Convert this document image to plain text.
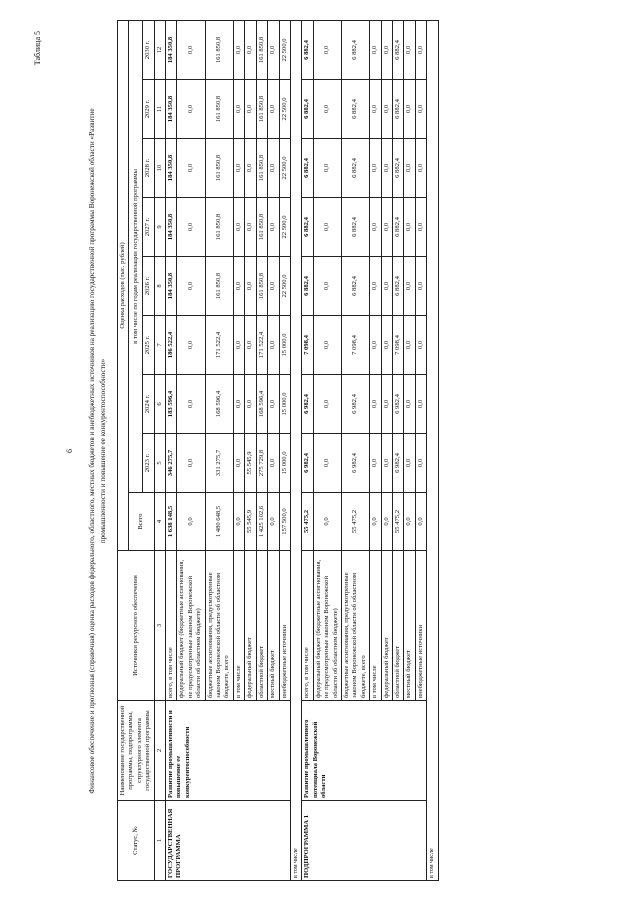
Таблица 5
6 Финансовое обеспечение и прогнозная (справочная) оценка расходов федерального, областного, местных бюджетов и внебюджетных источников на реализацию государственной программы Воронежской области «Развитие промышленности и повышение ее конкурентоспособности»
Статус, №	Наименование государственной программы, подпрограммы, структурного элемента государственной программы	Источники ресурсного обеспечения	Оценка расходов (тыс. рублей)								
			Всего	в том числе по годам реализации государственной программы							
				2023 г.	2024 г.	2025 г.	2026 г.	2027 г.	2028 г.	2029 г.	2030 г.
1	2	3	4	5	6	7	8	9	10	11	12
ГОСУДАРСТВЕННАЯ ПРОГРАММА	Развитие промышленности и повышение ее конкурентоспособности	всего, в том числе	1 638 148,5	346 275,7	183 596,4	186 522,4	184 350,8	184 350,8	184 350,8	184 350,8	184 350,8
		федеральный бюджет (бюджетные ассигнования, не предусмотренные законом Воронежской области об областном бюджете)	0,0	0,0	0,0	0,0	0,0	0,0	0,0	0,0	0,0
		бюджетные ассигнования, предусмотренные законом Воронежской области об областном бюджете, всего	1 480 648,5	331 275,7	168 596,4	171 522,4	161 850,8	161 850,8	161 850,8	161 850,8	161 850,8
		в том числе	0,0	0,0	0,0	0,0	0,0	0,0	0,0	0,0	0,0
		федеральный бюджет	55 545,9	55 545,9	0,0	0,0	0,0	0,0	0,0	0,0	0,0
		областной бюджет	1 425 102,6	275 729,8	168 596,4	171 522,4	161 850,8	161 850,8	161 850,8	161 850,8	161 850,8
		местный бюджет	0,0	0,0	0,0	0,0	0,0	0,0	0,0	0,0	0,0
		внебюджетные источники	157 500,0	15 000,0	15 000,0	15 000,0	22 500,0	22 500,0	22 500,0	22 500,0	22 500,0
в том числе											
ПОДПРОГРАММА 1	Развитие промышленного потенциала Воронежской области	всего, в том числе	55 475,2	6 982,4	6 982,4	7 098,4	6 882,4	6 882,4	6 882,4	6 882,4	6 882,4
		федеральный бюджет (бюджетные ассигнования, не предусмотренные законом Воронежской области об областном бюджете)	0,0	0,0	0,0	0,0	0,0	0,0	0,0	0,0	0,0
		бюджетные ассигнования, предусмотренные законом Воронежской области об областном бюджете, всего	55 475,2	6 982,4	6 982,4	7 098,4	6 882,4	6 882,4	6 882,4	6 882,4	6 882,4
		в том числе	0,0	0,0	0,0	0,0	0,0	0,0	0,0	0,0	0,0
		федеральный бюджет	0,0	0,0	0,0	0,0	0,0	0,0	0,0	0,0	0,0
		областной бюджет	55 475,2	6 982,4	6 982,4	7 098,4	6 882,4	6 882,4	6 882,4	6 882,4	6 882,4
		местный бюджет	0,0	0,0	0,0	0,0	0,0	0,0	0,0	0,0	0,0
		внебюджетные источники	0,0	0,0	0,0	0,0	0,0	0,0	0,0	0,0	0,0
в том числе											
